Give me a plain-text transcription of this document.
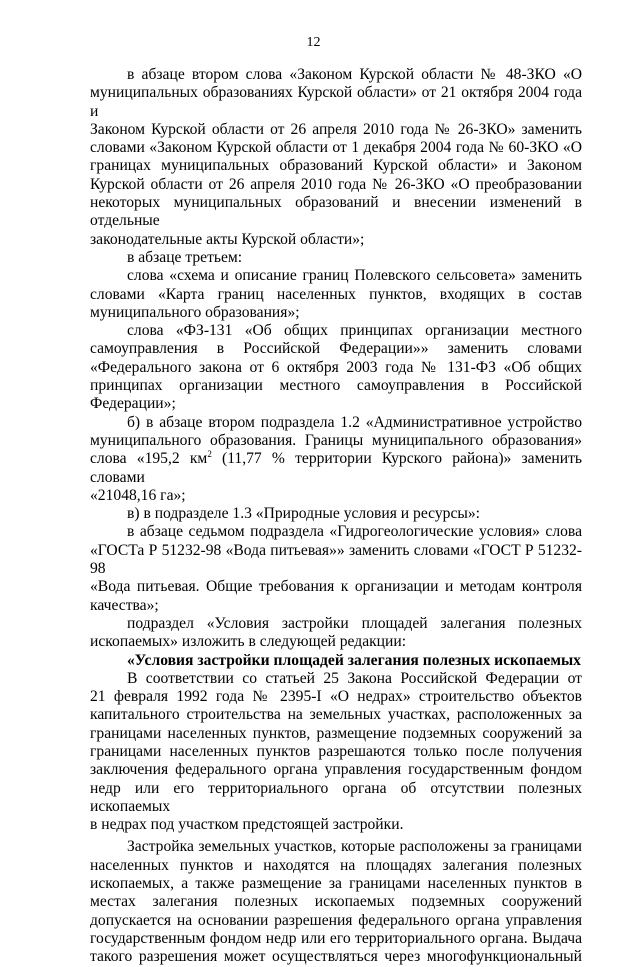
12
в абзаце втором слова «Законом Курской области № 48-ЗКО «О
муниципальных образованиях Курской области» от 21 октября 2004 года и
Законом Курской области от 26 апреля 2010 года № 26-ЗКО» заменить
словами «Законом Курской области от 1 декабря 2004 года № 60-ЗКО «О
границах муниципальных образований Курской области» и Законом
Курской области от 26 апреля 2010 года № 26-ЗКО «О преобразовании
некоторых муниципальных образований и внесении изменений в отдельные
законодательные акты Курской области»;
в абзаце третьем:
слова «схема и описание границ Полевского сельсовета» заменить
словами «Карта границ населенных пунктов, входящих в состав
муниципального образования»;
слова «ФЗ-131 «Об общих принципах организации местного
самоуправления в Российской Федерации»» заменить словами
«Федерального закона от 6 октября 2003 года № 131-ФЗ «Об общих
принципах организации местного самоуправления в Российской
Федерации»;
б) в абзаце втором подраздела 1.2 «Административное устройство
муниципального образования. Границы муниципального образования»
слова «195,2 $км^2$ (11,77 % территории Курского района)» заменить словами
«21048,16 га»;
в) в подразделе 1.3 «Природные условия и ресурсы»:
в абзаце седьмом подраздела «Гидрогеологические условия» слова
«ГОСТа Р 51232-98 «Вода питьевая»» заменить словами «ГОСТ Р 51232-98
«Вода питьевая. Общие требования к организации и методам контроля
качества»;
подраздел «Условия застройки площадей залегания полезных
ископаемых» изложить в следующей редакции:
«Условия застройки площадей залегания полезных ископаемых
В соответствии со статьей 25 Закона Российской Федерации от
21 февраля 1992 года № 2395-I «О недрах» строительство объектов
капитального строительства на земельных участках, расположенных за
границами населенных пунктов, размещение подземных сооружений за
границами населенных пунктов разрешаются только после получения
заключения федерального органа управления государственным фондом
недр или его территориального органа об отсутствии полезных ископаемых
в недрах под участком предстоящей застройки.
Застройка земельных участков, которые расположены за границами
населенных пунктов и находятся на площадях залегания полезных
ископаемых, а также размещение за границами населенных пунктов в
местах залегания полезных ископаемых подземных сооружений
допускается на основании разрешения федерального органа управления
государственным фондом недр или его территориального органа. Выдача
такого разрешения может осуществляться через многофункциональный
